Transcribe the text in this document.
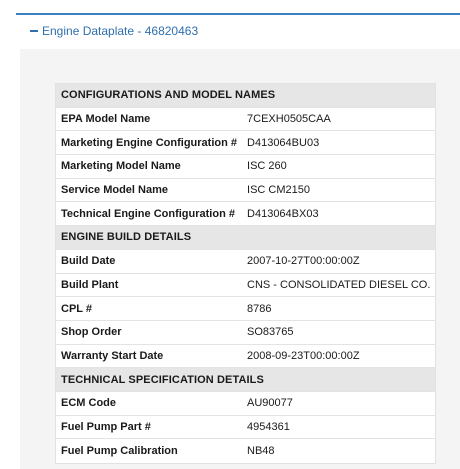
Engine Dataplate - 46820463
CONFIGURATIONS AND MODEL NAMES	
EPA Model Name	7CEXH0505CAA
Marketing Engine Configuration #	D413064BU03
Marketing Model Name	ISC 260
Service Model Name	ISC CM2150
Technical Engine Configuration #	D413064BX03
ENGINE BUILD DETAILS	
Build Date	2007-10-27T00:00:00Z
Build Plant	CNS - CONSOLIDATED DIESEL CO.
CPL #	8786
Shop Order	SO83765
Warranty Start Date	2008-09-23T00:00:00Z
TECHNICAL SPECIFICATION DETAILS	
ECM Code	AU90077
Fuel Pump Part #	4954361
Fuel Pump Calibration	NB48
